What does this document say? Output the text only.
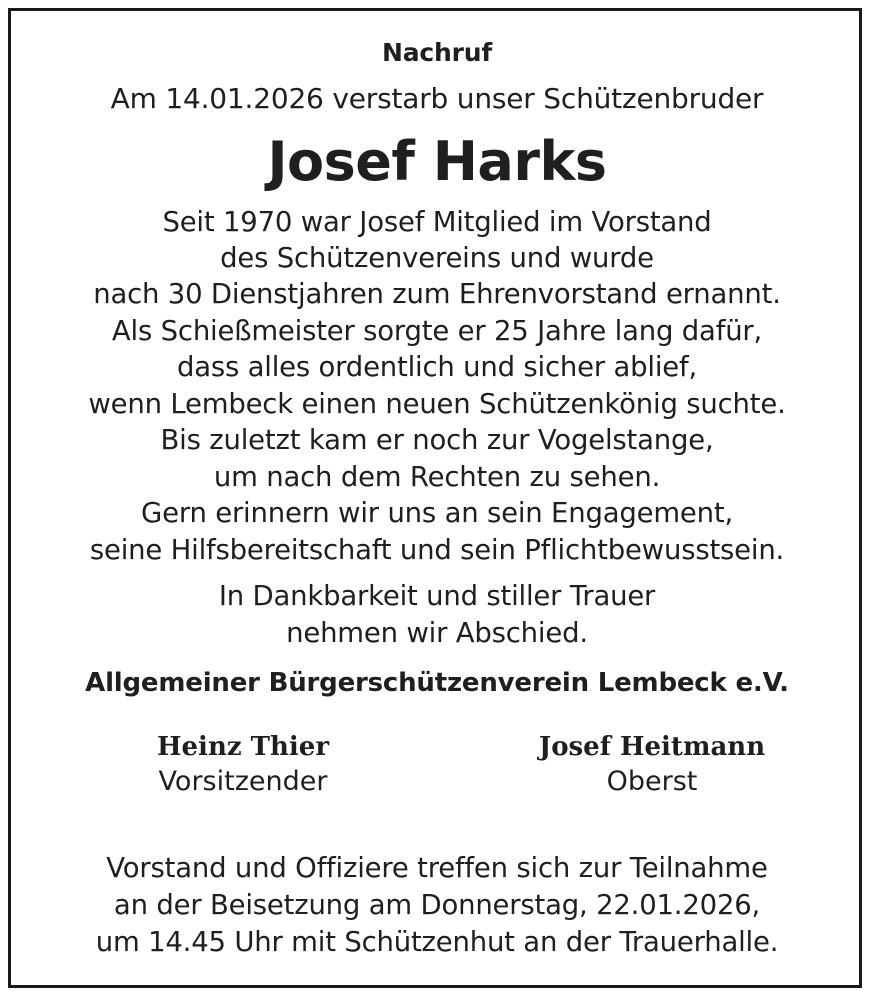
Nachruf
Am 14.01.2026 verstarb unser Schützenbruder
Josef Harks
Seit 1970 war Josef Mitglied im Vorstand
des Schützenvereins und wurde
nach 30 Dienstjahren zum Ehrenvorstand ernannt.
Als Schießmeister sorgte er 25 Jahre lang dafür,
dass alles ordentlich und sicher ablief,
wenn Lembeck einen neuen Schützenkönig suchte.
Bis zuletzt kam er noch zur Vogelstange,
um nach dem Rechten zu sehen.
Gern erinnern wir uns an sein Engagement,
seine Hilfsbereitschaft und sein Pflichtbewusstsein.
In Dankbarkeit und stiller Trauer
nehmen wir Abschied.
Allgemeiner Bürgerschützenverein Lembeck e.V.
Heinz Thier
Vorsitzender
Josef Heitmann
Oberst
Vorstand und Offiziere treffen sich zur Teilnahme
an der Beisetzung am Donnerstag, 22.01.2026,
um 14.45 Uhr mit Schützenhut an der Trauerhalle.
